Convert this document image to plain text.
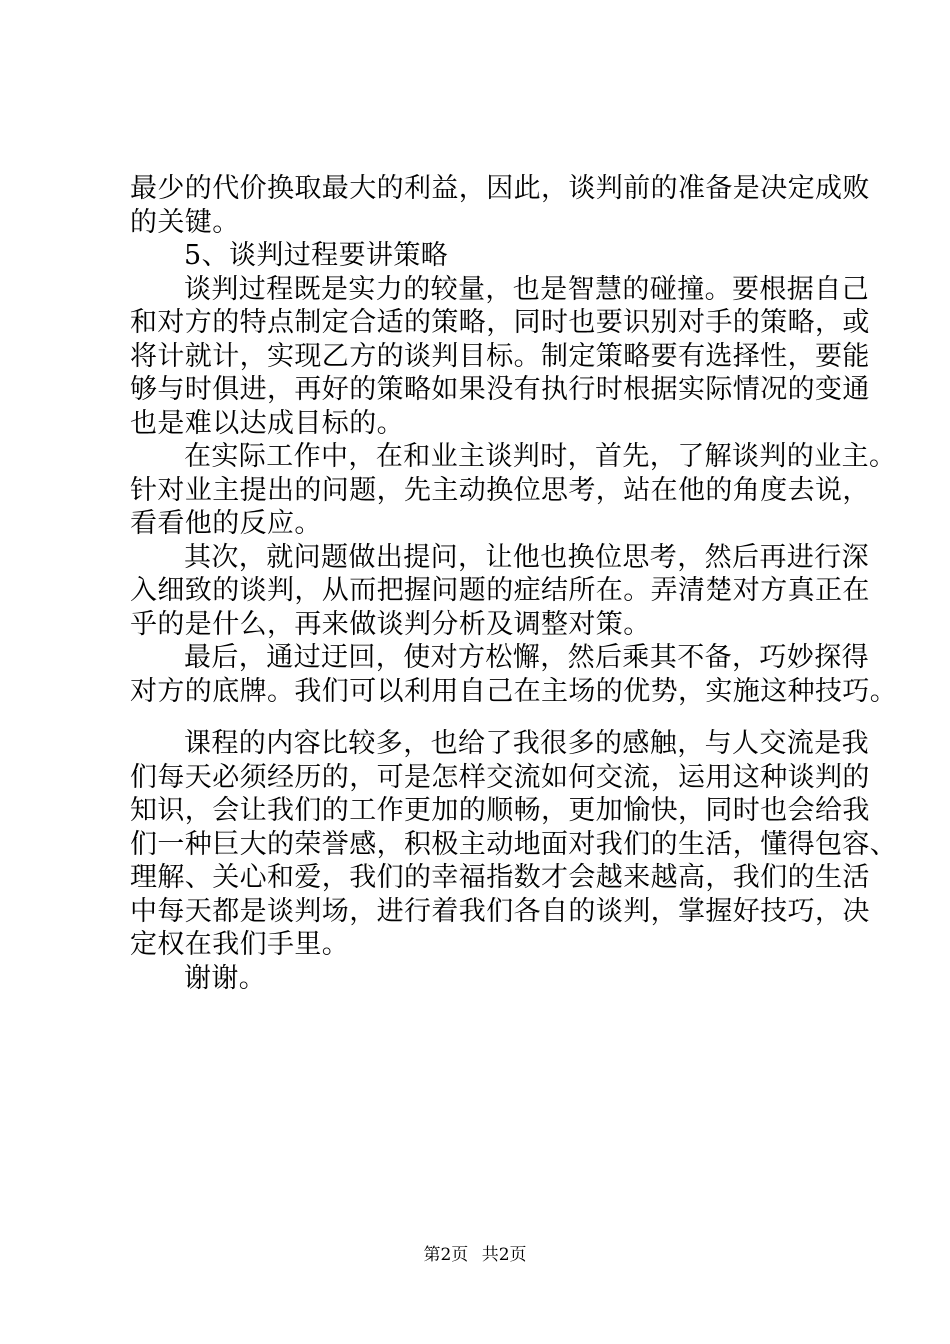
最少的代价换取最大的利益，因此，谈判前的准备是决定成败
的关键。
5、谈判过程要讲策略
谈判过程既是实力的较量，也是智慧的碰撞。要根据自己
和对方的特点制定合适的策略，同时也要识别对手的策略，或
将计就计，实现乙方的谈判目标。制定策略要有选择性，要能
够与时俱进，再好的策略如果没有执行时根据实际情况的变通
也是难以达成目标的。
在实际工作中，在和业主谈判时，首先，了解谈判的业主。
针对业主提出的问题，先主动换位思考，站在他的角度去说，
看看他的反应。
其次，就问题做出提问，让他也换位思考，然后再进行深
入细致的谈判，从而把握问题的症结所在。弄清楚对方真正在
乎的是什么，再来做谈判分析及调整对策。
最后，通过迂回，使对方松懈，然后乘其不备，巧妙探得
对方的底牌。我们可以利用自己在主场的优势，实施这种技巧。
课程的内容比较多，也给了我很多的感触，与人交流是我
们每天必须经历的，可是怎样交流如何交流，运用这种谈判的
知识，会让我们的工作更加的顺畅，更加愉快，同时也会给我
们一种巨大的荣誉感，积极主动地面对我们的生活，懂得包容、
理解、关心和爱，我们的幸福指数才会越来越高，我们的生活
中每天都是谈判场，进行着我们各自的谈判，掌握好技巧，决
定权在我们手里。
谢谢。
第2页 共2页
